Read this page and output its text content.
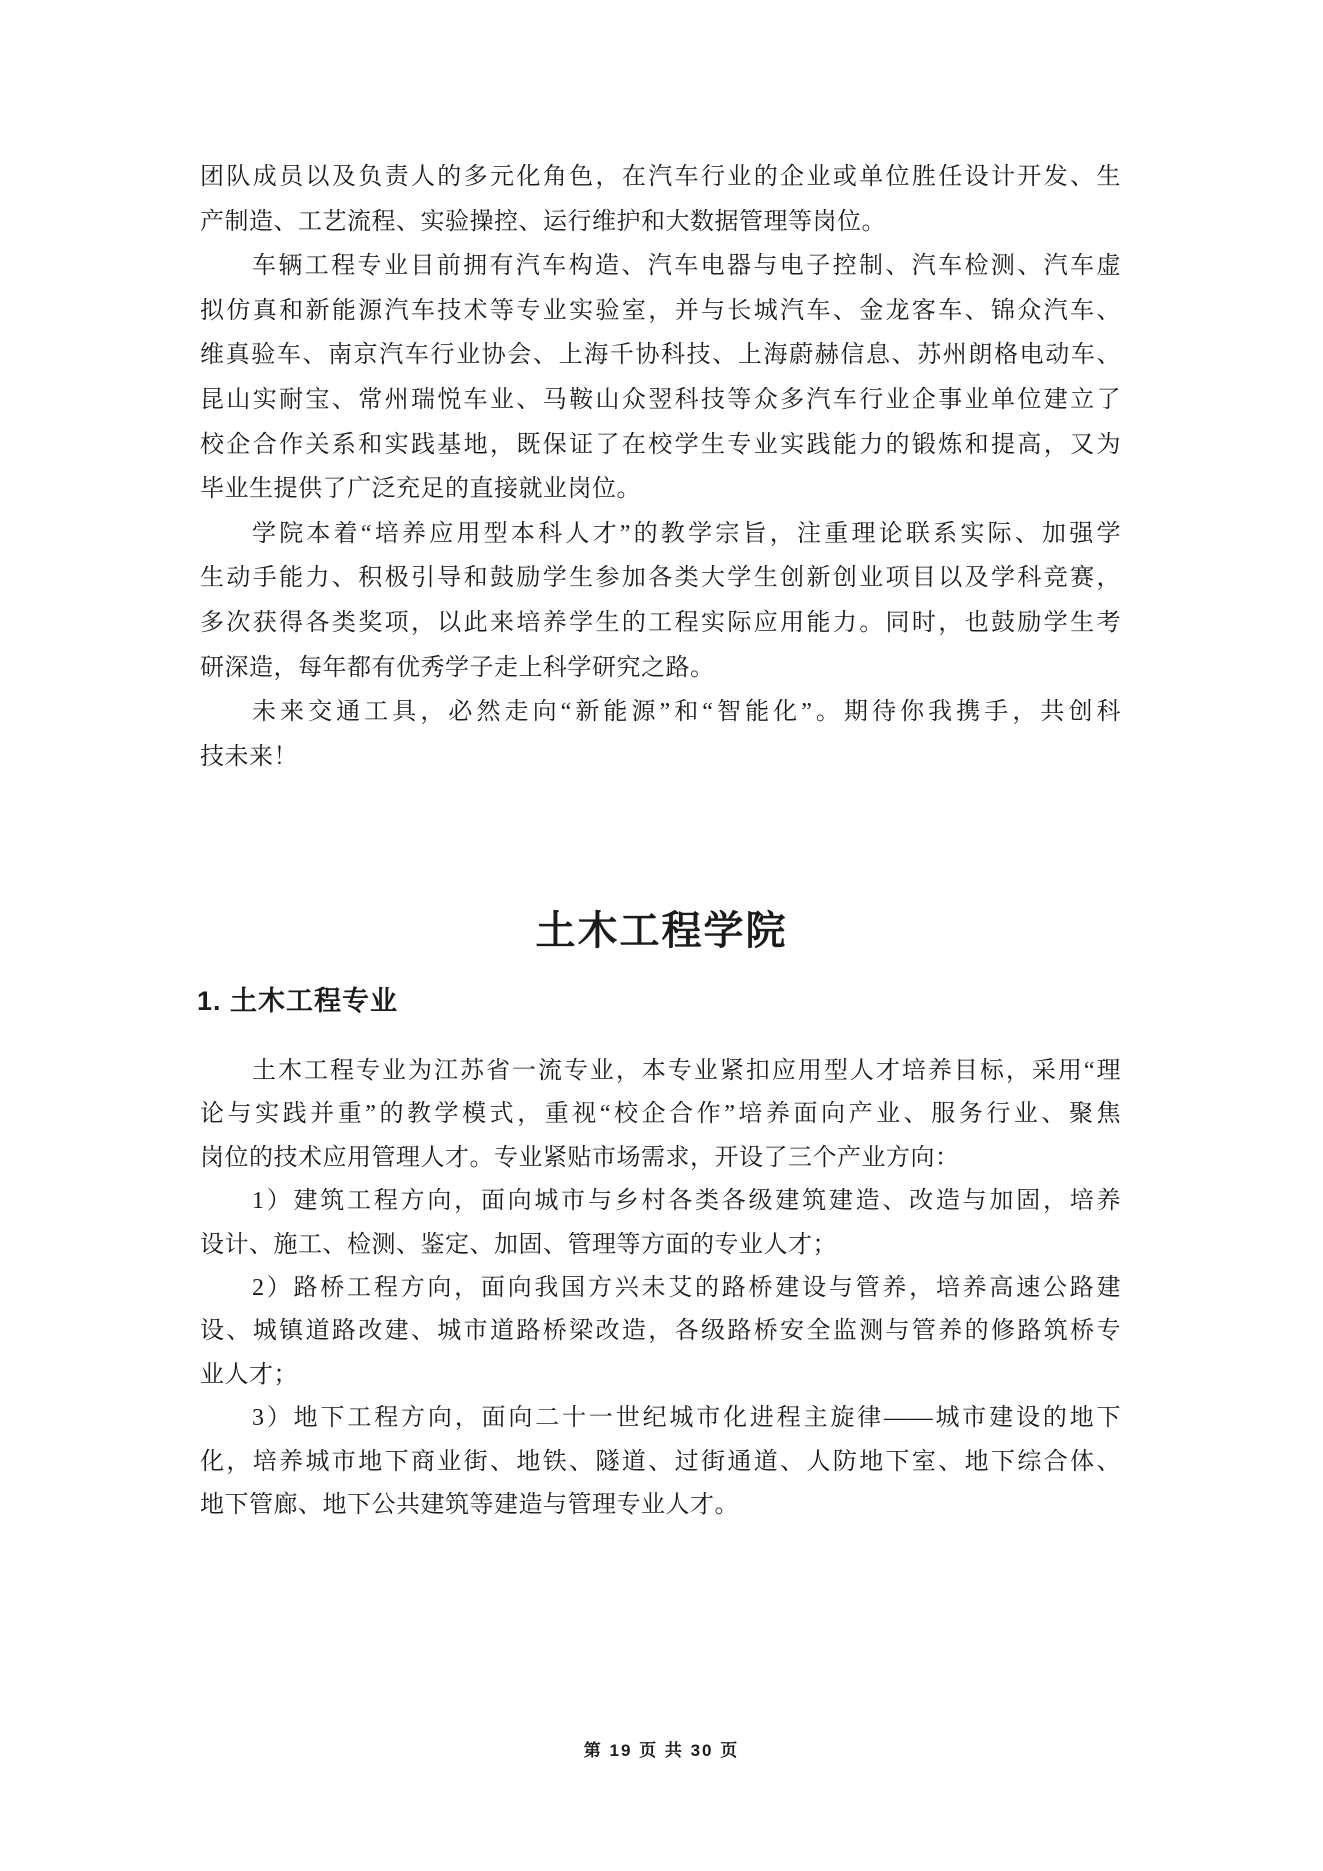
团队成员以及负责人的多元化角色，在汽车行业的企业或单位胜任设计开发、生
产制造、工艺流程、实验操控、运行维护和大数据管理等岗位。
车辆工程专业目前拥有汽车构造、汽车电器与电子控制、汽车检测、汽车虚
拟仿真和新能源汽车技术等专业实验室，并与长城汽车、金龙客车、锦众汽车、
维真验车、南京汽车行业协会、上海千协科技、上海蔚赫信息、苏州朗格电动车、
昆山实耐宝、常州瑞悦车业、马鞍山众翌科技等众多汽车行业企事业单位建立了
校企合作关系和实践基地，既保证了在校学生专业实践能力的锻炼和提高，又为
毕业生提供了广泛充足的直接就业岗位。
学院本着“培养应用型本科人才”的教学宗旨，注重理论联系实际、加强学
生动手能力、积极引导和鼓励学生参加各类大学生创新创业项目以及学科竞赛，
多次获得各类奖项，以此来培养学生的工程实际应用能力。同时，也鼓励学生考
研深造，每年都有优秀学子走上科学研究之路。
未来交通工具，必然走向“新能源”和“智能化”。期待你我携手，共创科
技未来！
土木工程学院
1. 土木工程专业
土木工程专业为江苏省一流专业，本专业紧扣应用型人才培养目标，采用“理
论与实践并重”的教学模式，重视“校企合作”培养面向产业、服务行业、聚焦
岗位的技术应用管理人才。专业紧贴市场需求，开设了三个产业方向：
1）建筑工程方向，面向城市与乡村各类各级建筑建造、改造与加固，培养
设计、施工、检测、鉴定、加固、管理等方面的专业人才；
2）路桥工程方向，面向我国方兴未艾的路桥建设与管养，培养高速公路建
设、城镇道路改建、城市道路桥梁改造，各级路桥安全监测与管养的修路筑桥专
业人才；
3）地下工程方向，面向二十一世纪城市化进程主旋律——城市建设的地下
化，培养城市地下商业街、地铁、隧道、过街通道、人防地下室、地下综合体、
地下管廊、地下公共建筑等建造与管理专业人才。
第 19 页 共 30 页
